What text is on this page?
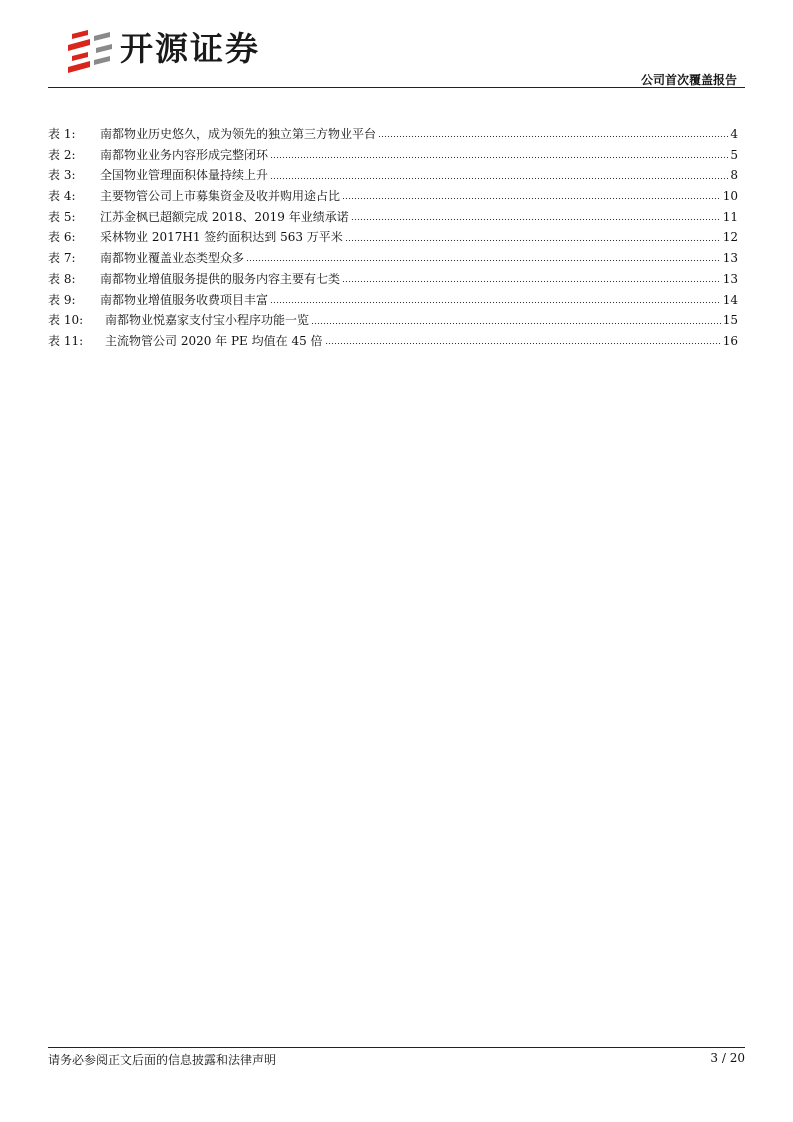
开源证券
公司首次覆盖报告
表 1:	南都物业历史悠久，成为领先的独立第三方物业平台	4
表 2:	南都物业业务内容形成完整闭环	5
表 3:	全国物业管理面积体量持续上升	8
表 4:	主要物管公司上市募集资金及收并购用途占比	10
表 5:	江苏金枫已超额完成 2018、2019 年业绩承诺	11
表 6:	采林物业 2017H1 签约面积达到 563 万平米	12
表 7:	南都物业覆盖业态类型众多	13
表 8:	南都物业增值服务提供的服务内容主要有七类	13
表 9:	南都物业增值服务收费项目丰富	14
表 10:	南都物业悦嘉家支付宝小程序功能一览	15
表 11:	主流物管公司 2020 年 PE 均值在 45 倍	16
请务必参阅正文后面的信息披露和法律声明	3 / 20
